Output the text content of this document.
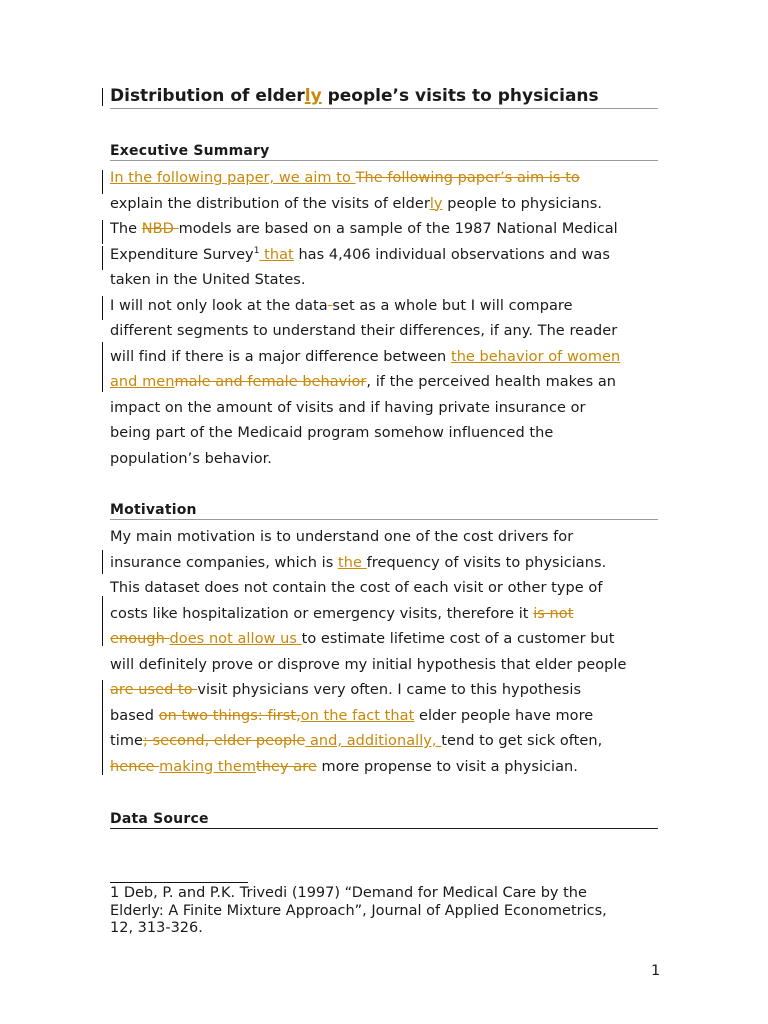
Distribution of elderly people’s visits to physicians
Executive Summary
In the following paper, we aim to The following paper’s aim is to
explain the distribution of the visits of elderly people to physicians.
The NBD models are based on a sample of the 1987 National Medical
Expenditure Survey$^1$ that has 4,406 individual observations and was
taken in the United States.
I will not only look at the data set as a whole but I will compare
different segments to understand their differences, if any. The reader
will find if there is a major difference between the behavior of women
and menmale and female behavior, if the perceived health makes an
impact on the amount of visits and if having private insurance or
being part of the Medicaid program somehow influenced the
population’s behavior.
Motivation
My main motivation is to understand one of the cost drivers for
insurance companies, which is the frequency of visits to physicians.
This dataset does not contain the cost of each visit or other type of
costs like hospitalization or emergency visits, therefore it is not
enough does not allow us to estimate lifetime cost of a customer but
will definitely prove or disprove my initial hypothesis that elder people
are used to visit physicians very often. I came to this hypothesis
based on two things: first,on the fact that elder people have more
time; second, elder people and, additionally, tend to get sick often,
hence making themthey are more propense to visit a physician.
Data Source
1 Deb, P. and P.K. Trivedi (1997) “Demand for Medical Care by the
Elderly: A Finite Mixture Approach”, Journal of Applied Econometrics,
12, 313-326.
1
